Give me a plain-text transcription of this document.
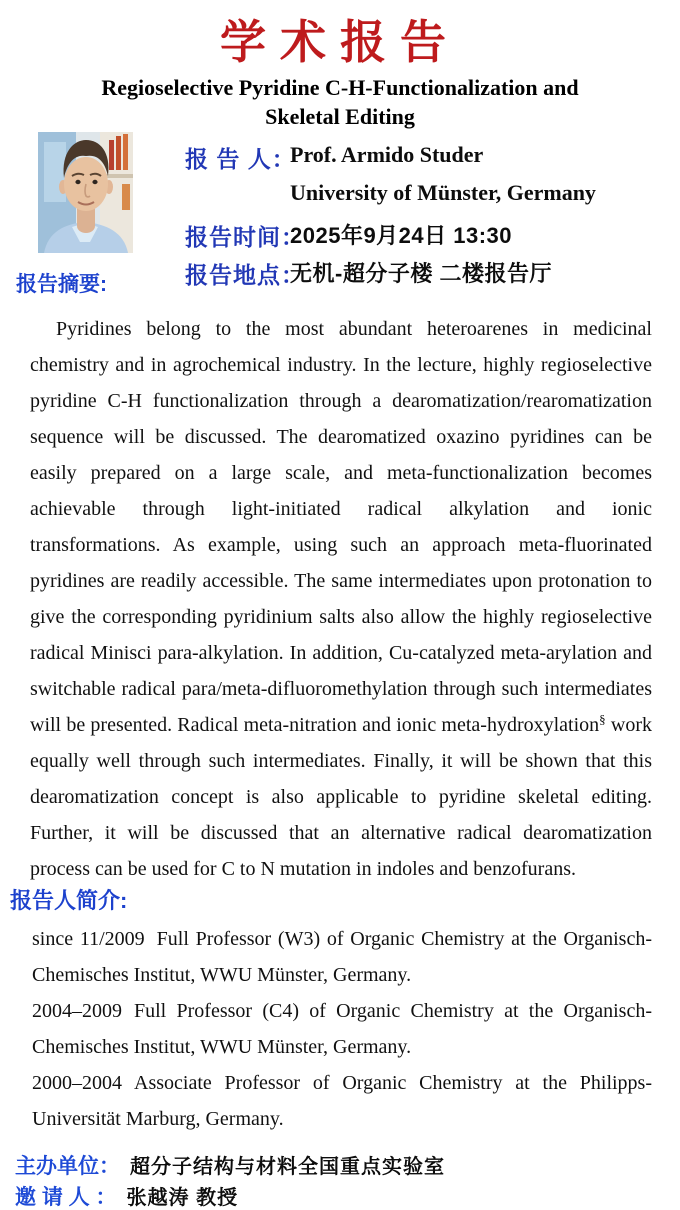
学术报告
Regioselective Pyridine C-H-Functionalization and
Skeletal Editing
报 告 人：
Prof. Armido Studer
University of Münster, Germany
报告时间：
2025年9月24日 13:30
报告地点：
无机-超分子楼 二楼报告厅
报告摘要:

Pyridines belong to the most abundant heteroarenes in medicinal chemistry and in agrochemical industry. In the lecture, highly regioselective pyridine C-H functionalization through a dearomatization/rearomatization sequence will be discussed. The dearomatized oxazino pyridines can be easily prepared on a large scale, and meta-functionalization becomes achievable through light-initiated radical alkylation and ionic transformations. As example, using such an approach meta-fluorinated pyridines are readily accessible. The same intermediates upon protonation to give the corresponding pyridinium salts also allow the highly regioselective radical Minisci para-alkylation. In addition, Cu-catalyzed meta-arylation and switchable radical para/meta-difluoromethylation through such intermediates will be presented. Radical meta-nitration and ionic meta-hydroxylation§ work equally well through such intermediates. Finally, it will be shown that this dearomatization concept is also applicable to pyridine skeletal editing. Further, it will be discussed that an alternative radical dearomatization process can be used for C to N mutation in indoles and benzofurans.

报告人简介:

since 11/2009 Full Professor (W3) of Organic Chemistry at the Organisch-Chemisches Institut, WWU Münster, Germany.

2004–2009 Full Professor (C4) of Organic Chemistry at the Organisch-Chemisches Institut, WWU Münster, Germany.

2000–2004 Associate Professor of Organic Chemistry at the Philipps-Universität Marburg, Germany.

主办单位： 超分子结构与材料全国重点实验室
邀 请 人 ： 张越涛 教授
